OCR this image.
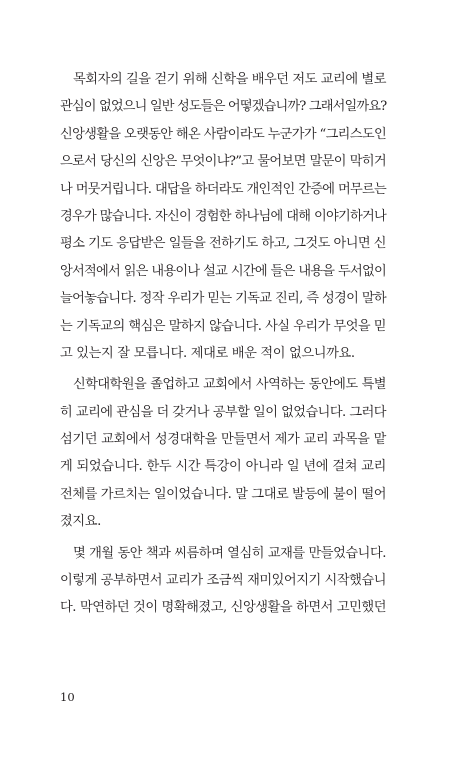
목회자의 길을 걷기 위해 신학을 배우던 저도 교리에 별로
관심이 없었으니 일반 성도들은 어떻겠습니까? 그래서일까요?
신앙생활을 오랫동안 해온 사람이라도 누군가가 “그리스도인
으로서 당신의 신앙은 무엇이냐?”고 물어보면 말문이 막히거
나 머뭇거립니다. 대답을 하더라도 개인적인 간증에 머무르는
경우가 많습니다. 자신이 경험한 하나님에 대해 이야기하거나
평소 기도 응답받은 일들을 전하기도 하고, 그것도 아니면 신
앙서적에서 읽은 내용이나 설교 시간에 들은 내용을 두서없이
늘어놓습니다. 정작 우리가 믿는 기독교 진리, 즉 성경이 말하
는 기독교의 핵심은 말하지 않습니다. 사실 우리가 무엇을 믿
고 있는지 잘 모릅니다. 제대로 배운 적이 없으니까요.
신학대학원을 졸업하고 교회에서 사역하는 동안에도 특별
히 교리에 관심을 더 갖거나 공부할 일이 없었습니다. 그러다
섬기던 교회에서 성경대학을 만들면서 제가 교리 과목을 맡
게 되었습니다. 한두 시간 특강이 아니라 일 년에 걸쳐 교리
전체를 가르치는 일이었습니다. 말 그대로 발등에 불이 떨어
졌지요.
몇 개월 동안 책과 씨름하며 열심히 교재를 만들었습니다.
이렇게 공부하면서 교리가 조금씩 재미있어지기 시작했습니
다. 막연하던 것이 명확해졌고, 신앙생활을 하면서 고민했던
10
